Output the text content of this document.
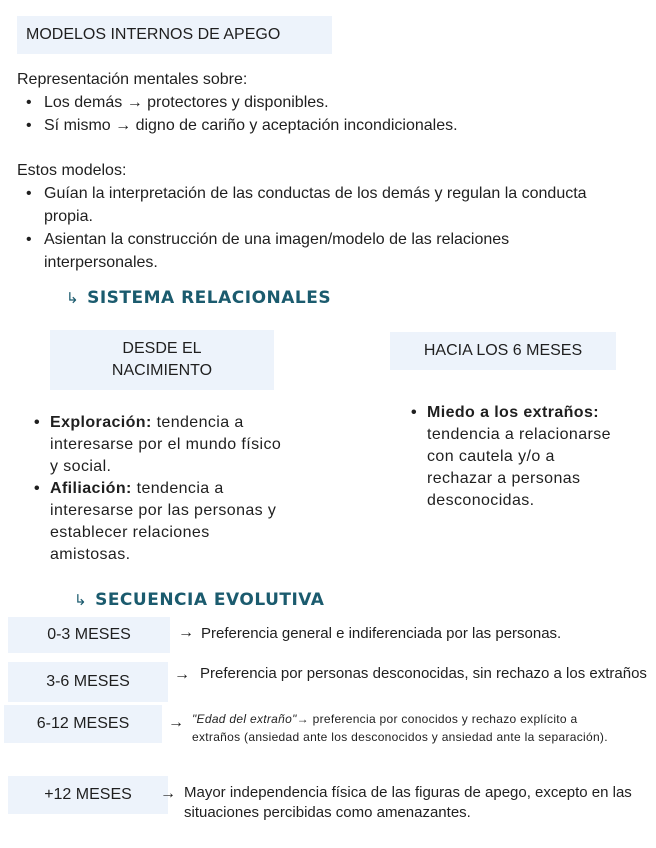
MODELOS INTERNOS DE APEGO
Representación mentales sobre:
• Los demás → protectores y disponibles.
• Sí mismo → digno de cariño y aceptación incondicionales.
Estos modelos:
• Guían la interpretación de las conductas de los demás y regulan la conducta propia.
• Asientan la construcción de una imagen/modelo de las relaciones interpersonales.
↳ SISTEMA RELACIONALES
DESDE EL NACIMIENTO
• Exploración: tendencia a interesarse por el mundo físico y social.
• Afiliación: tendencia a interesarse por las personas y establecer relaciones amistosas.
HACIA LOS 6 MESES
• Miedo a los extraños: tendencia a relacionarse con cautela y/o a rechazar a personas desconocidas.
↳ SECUENCIA EVOLUTIVA
0-3 MESES	→ Preferencia general e indiferenciada por las personas.
3-6 MESES	→ Preferencia por personas desconocidas, sin rechazo a los extraños
6-12 MESES	→ "Edad del extraño"→ preferencia por conocidos y rechazo explícito a extraños (ansiedad ante los desconocidos y ansiedad ante la separación).
+12 MESES	→ Mayor independencia física de las figuras de apego, excepto en las situaciones percibidas como amenazantes.
